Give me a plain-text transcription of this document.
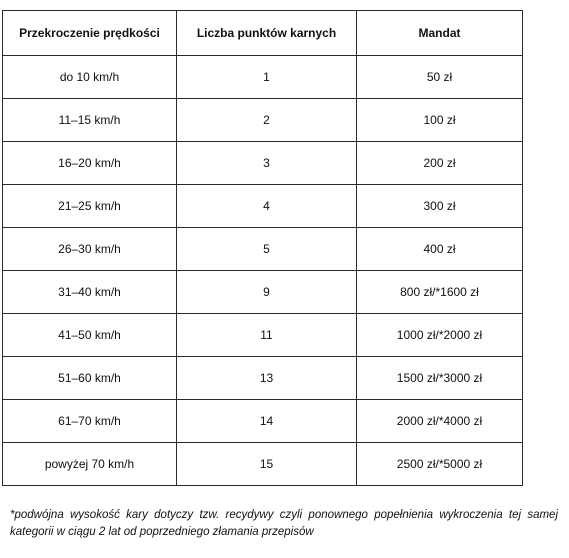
Przekroczenie prędkości	Liczba punktów karnych	Mandat
do 10 km/h	1	50 zł
11–15 km/h	2	100 zł
16–20 km/h	3	200 zł
21–25 km/h	4	300 zł
26–30 km/h	5	400 zł
31–40 km/h	9	800 zł/*1600 zł
41–50 km/h	11	1000 zł/*2000 zł
51–60 km/h	13	1500 zł/*3000 zł
61–70 km/h	14	2000 zł/*4000 zł
powyżej 70 km/h	15	2500 zł/*5000 zł

*podwójna wysokość kary dotyczy tzw. recydywy czyli ponownego popełnienia wykroczenia tej samej kategorii w ciągu 2 lat od poprzedniego złamania przepisów
